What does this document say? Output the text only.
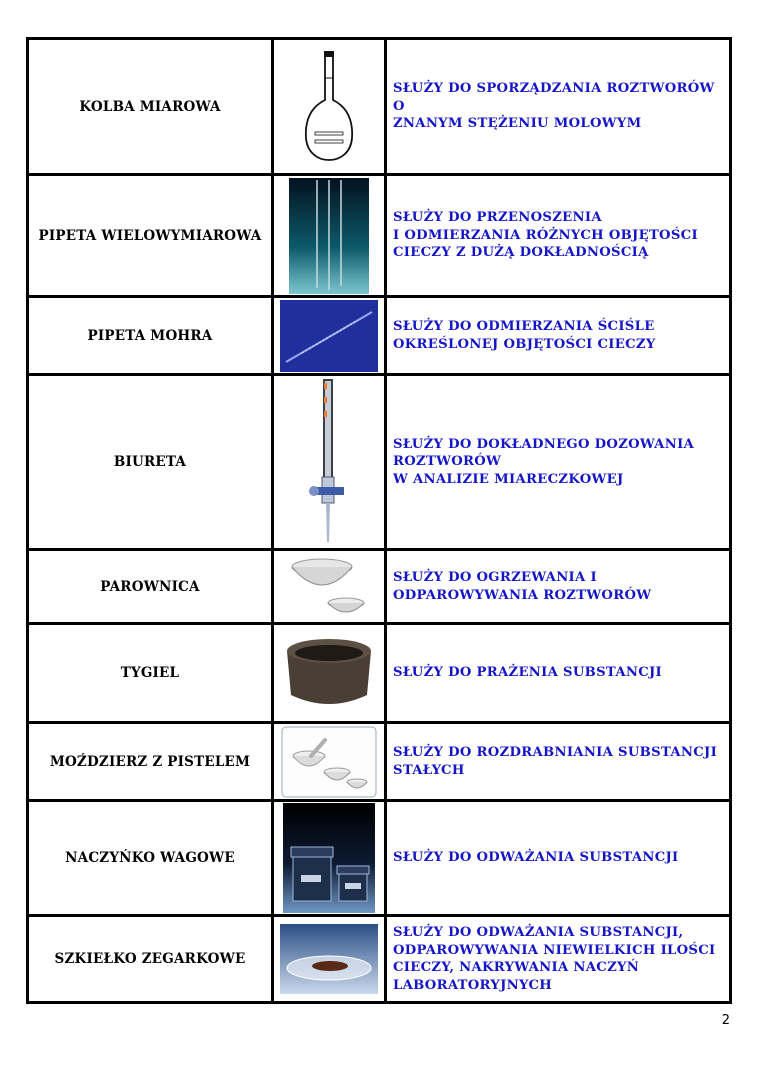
KOLBA MIAROWA
SŁUŻY DO SPORZĄDZANIA ROZTWORÓW O
ZNANYM STĘŻENIU MOLOWYM
PIPETA WIELOWYMIAROWA
SŁUŻY DO PRZENOSZENIA
I ODMIERZANIA RÓŻNYCH OBJĘTOŚCI
CIECZY Z DUŻĄ DOKŁADNOŚCIĄ
PIPETA MOHRA
SŁUŻY DO ODMIERZANIA ŚCIŚLE
OKREŚLONEJ OBJĘTOŚCI CIECZY
BIURETA
SŁUŻY DO DOKŁADNEGO DOZOWANIA
ROZTWORÓW
W ANALIZIE MIARECZKOWEJ
PAROWNICA
SŁUŻY DO OGRZEWANIA I
ODPAROWYWANIA ROZTWORÓW
TYGIEL	SŁUŻY DO PRAŻENIA SUBSTANCJI
MOŹDZIERZ Z PISTELEM
SŁUŻY DO ROZDRABNIANIA SUBSTANCJI
STAŁYCH
NACZYŃKO WAGOWE	SŁUŻY DO ODWAŻANIA SUBSTANCJI
SZKIEŁKO ZEGARKOWE
SŁUŻY DO ODWAŻANIA SUBSTANCJI,
ODPAROWYWANIA NIEWIELKICH ILOŚCI
CIECZY, NAKRYWANIA NACZYŃ
LABORATORYJNYCH
2
